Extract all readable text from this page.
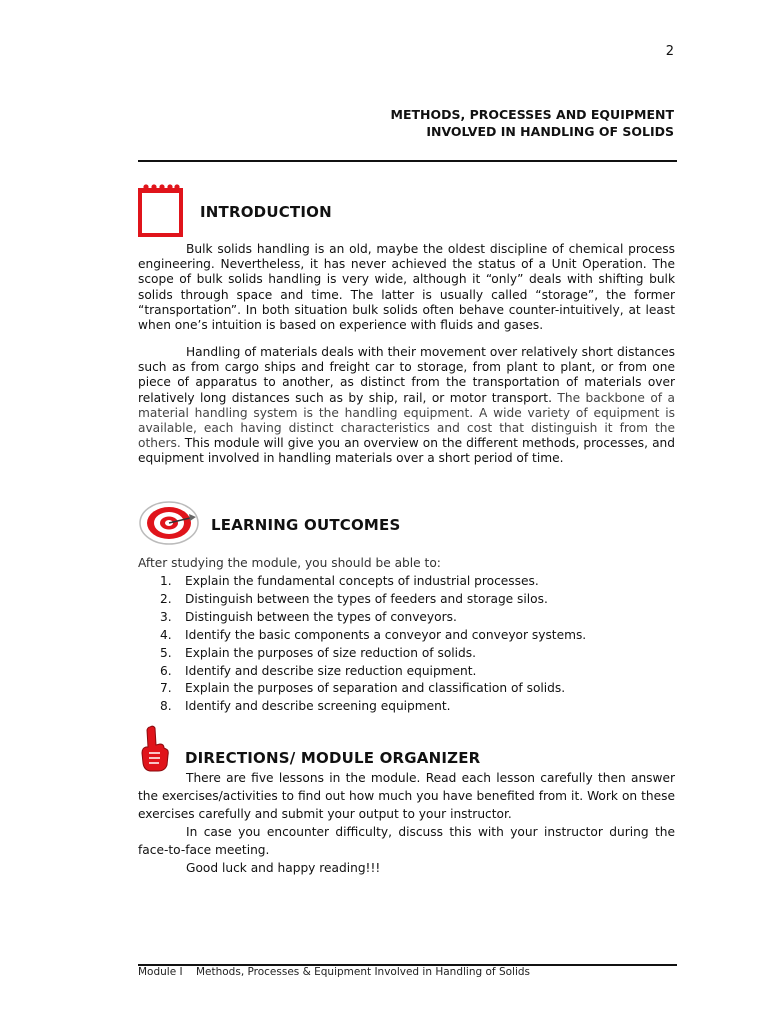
2
METHODS, PROCESSES AND EQUIPMENT
INVOLVED IN HANDLING OF SOLIDS
INTRODUCTION

Bulk solids handling is an old, maybe the oldest discipline of chemical process engineering. Nevertheless, it has never achieved the status of a Unit Operation. The scope of bulk solids handling is very wide, although it “only” deals with shifting bulk solids through space and time. The latter is usually called “storage”, the former “transportation”. In both situation bulk solids often behave counter-intuitively, at least when one’s intuition is based on experience with fluids and gases.

Handling of materials deals with their movement over relatively short distances such as from cargo ships and freight car to storage, from plant to plant, or from one piece of apparatus to another, as distinct from the transportation of materials over relatively long distances such as by ship, rail, or motor transport. The backbone of a material handling system is the handling equipment. A wide variety of equipment is available, each having distinct characteristics and cost that distinguish it from the others. This module will give you an overview on the different methods, processes, and equipment involved in handling materials over a short period of time.

LEARNING OUTCOMES
After studying the module, you should be able to:
1.	Explain the fundamental concepts of industrial processes.
2.	Distinguish between the types of feeders and storage silos.
3.	Distinguish between the types of conveyors.
4.	Identify the basic components a conveyor and conveyor systems.
5.	Explain the purposes of size reduction of solids.
6.	Identify and describe size reduction equipment.
7.	Explain the purposes of separation and classification of solids.
8.	Identify and describe screening equipment.
DIRECTIONS/ MODULE ORGANIZER

There are five lessons in the module. Read each lesson carefully then answer the exercises/activities to find out how much you have benefited from it. Work on these exercises carefully and submit your output to your instructor.

In case you encounter difficulty, discuss this with your instructor during the face-to-face meeting.

Good luck and happy reading!!!

Module I    Methods, Processes & Equipment Involved in Handling of Solids
